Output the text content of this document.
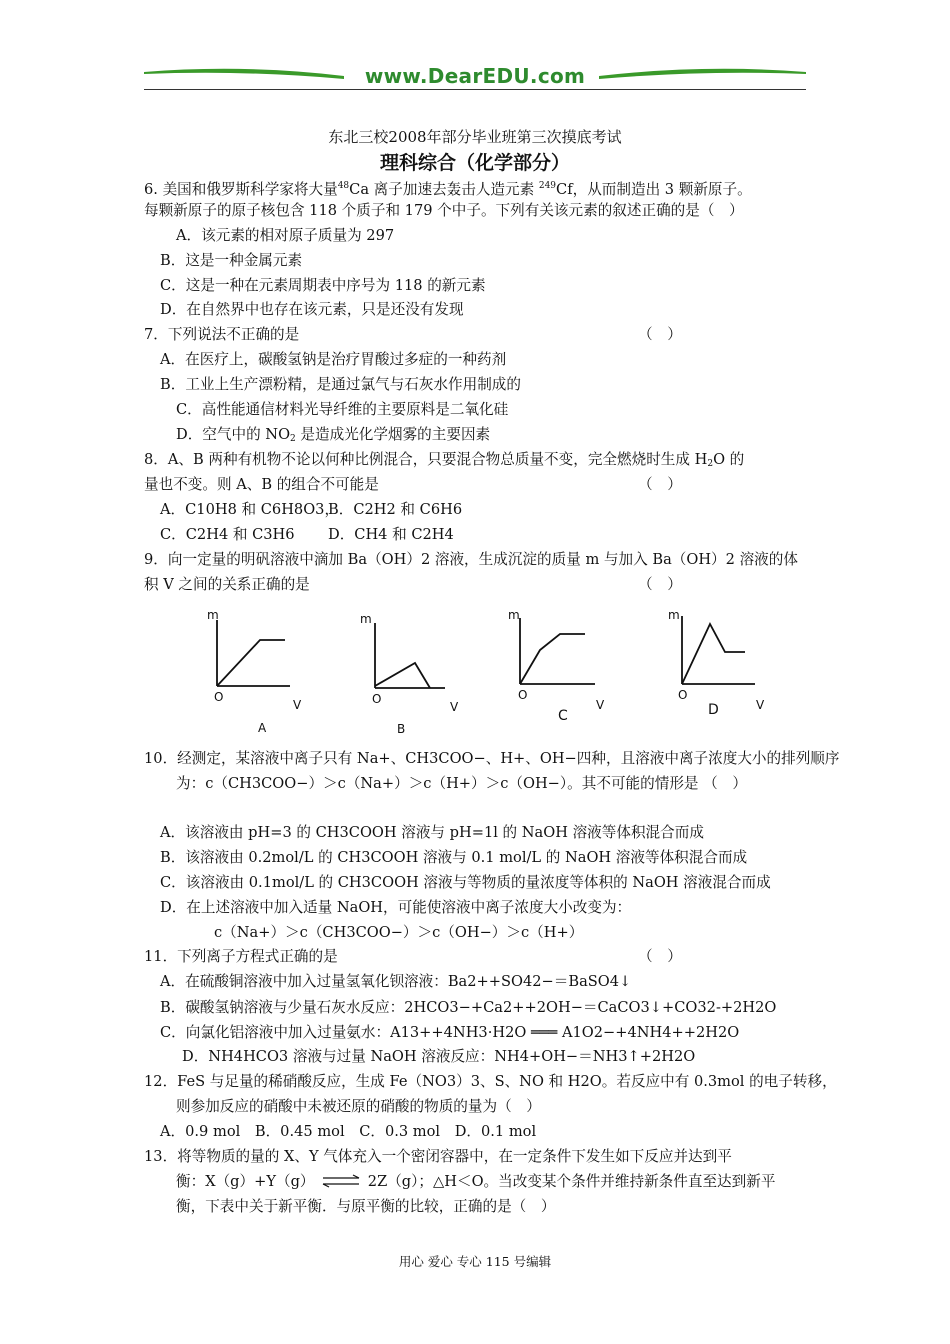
www.DearEDU.com
东北三校2008年部分毕业班第三次摸底考试
理科综合（化学部分）
6. 美国和俄罗斯科学家将大量$^{48}$Ca 离子加速去轰击人造元素 $^{249}$Cf，从而制造出 3 颗新原子。
每颗新原子的原子核包含 118 个质子和 179 个中子。下列有关该元素的叙述正确的是（　）
A．该元素的相对原子质量为 297
B．这是一种金属元素
C．这是一种在元素周期表中序号为 118 的新元素
D．在自然界中也存在该元素，只是还没有发现
7．下列说法不正确的是	（　）
A．在医疗上，碳酸氢钠是治疗胃酸过多症的一种药剂
B．工业上生产漂粉精，是通过氯气与石灰水作用制成的
C．高性能通信材料光导纤维的主要原料是二氧化硅
D．空气中的 $NO_2$ 是造成光化学烟雾的主要因素
8．A、B 两种有机物不论以何种比例混合，只要混合物总质量不变，完全燃烧时生成 $H_2O$ 的
量也不变。则 A、B 的组合不可能是	（　）
A．C10H8 和 C6H8O3，
B．C2H2 和 C6H6
C．C2H4 和 C3H6 D．CH4 和 C2H4
9．向一定量的明矾溶液中滴加 Ba（OH）2 溶液，生成沉淀的质量 m 与加入 Ba（OH）2 溶液的体
积 V 之间的关系正确的是	（　）
m
O
V
A
m
O
V
B
m
O
V
C
m
O
V
D
10．经测定，某溶液中离子只有 Na+、CH3COO−、H+、OH−四种，且溶液中离子浓度大小的排列顺序
为：c（CH3COO−）＞c（Na+）＞c（H+）＞c（OH−）。其不可能的情形是 （　）
A．该溶液由 pH=3 的 CH3COOH 溶液与 pH=1l 的 NaOH 溶液等体积混合而成
B．该溶液由 0.2mol/L 的 CH3COOH 溶液与 0.1 mol/L 的 NaOH 溶液等体积混合而成
C．该溶液由 0.1mol/L 的 CH3COOH 溶液与等物质的量浓度等体积的 NaOH 溶液混合而成
D．在上述溶液中加入适量 NaOH，可能使溶液中离子浓度大小改变为：
c（Na+）＞c（CH3COO−）＞c（OH−）＞c（H+）
11．下列离子方程式正确的是	（　）
A．在硫酸铜溶液中加入过量氢氧化钡溶液：Ba2++SO42−＝BaSO4↓
B．碳酸氢钠溶液与少量石灰水反应：2HCO3−+Ca2++2OH−＝CaCO3↓+CO32-+2H2O
C．向氯化铝溶液中加入过量氨水：A13++4NH3·H2O ═══ A1O2−+4NH4++2H2O
D．NH4HCO3 溶液与过量 NaOH 溶液反应：NH4+OH−＝NH3↑+2H2O
12．FeS 与足量的稀硝酸反应，生成 Fe（NO3）3、S、NO 和 H2O。若反应中有 0.3mol 的电子转移，
则参加反应的硝酸中未被还原的硝酸的物质的量为（　）
A．0.9 mol　B．0.45 mol　C．0.3 mol　D．0.1 mol
13．将等物质的量的 X、Y 气体充入一个密闭容器中，在一定条件下发生如下反应并达到平
衡：X（g）+Y（g） ⇌ 2Z（g）；△H＜O。当改变某个条件并维持新条件直至达到新平
衡，下表中关于新平衡．与原平衡的比较，正确的是（　）
用心 爱心 专心 115 号编辑
